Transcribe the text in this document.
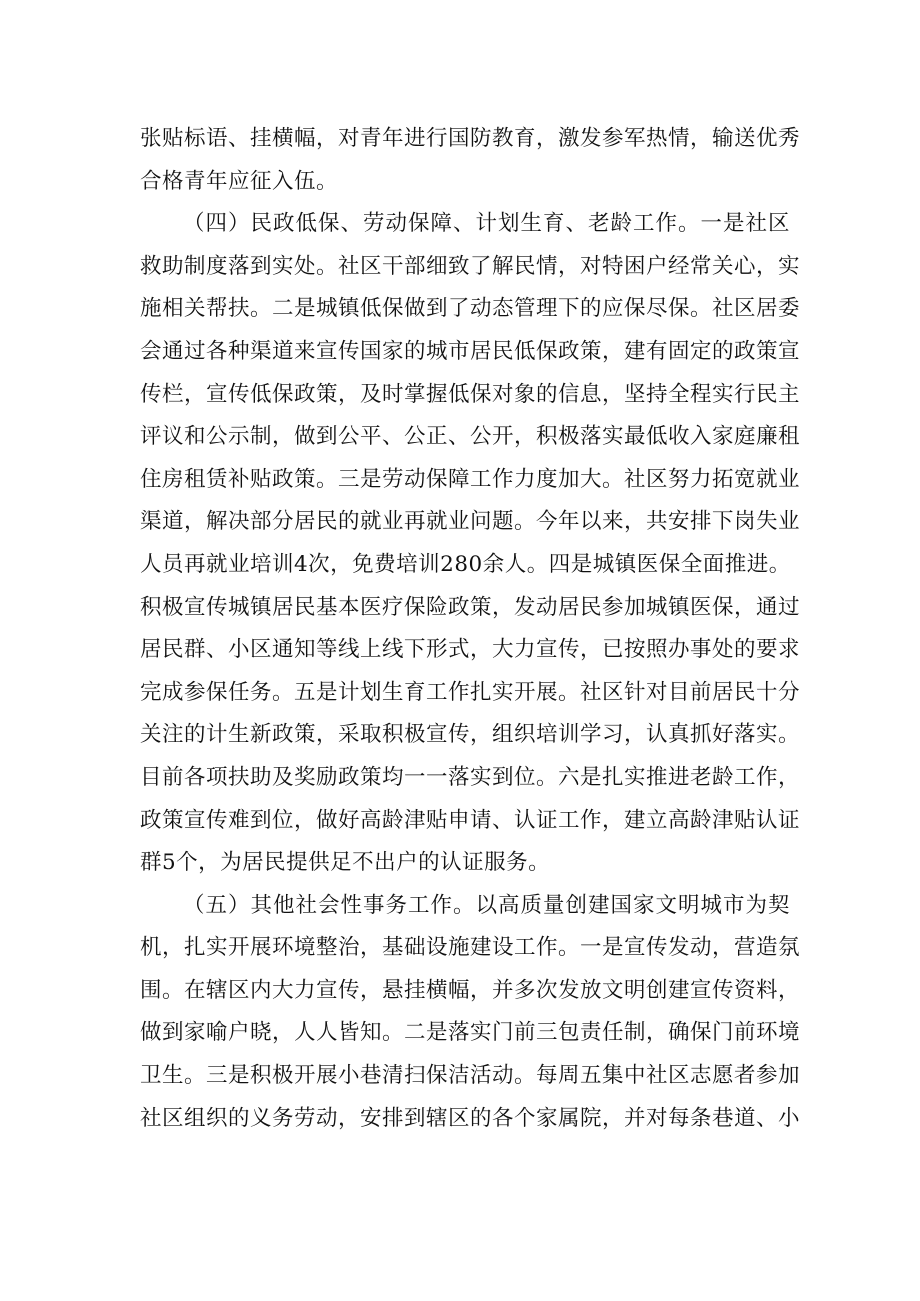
张贴标语、挂横幅，对青年进行国防教育，激发参军热情，输送优秀
合格青年应征入伍。
（四）民政低保、劳动保障、计划生育、老龄工作。一是社区
救助制度落到实处。社区干部细致了解民情，对特困户经常关心，实
施相关帮扶。二是城镇低保做到了动态管理下的应保尽保。社区居委
会通过各种渠道来宣传国家的城市居民低保政策，建有固定的政策宣
传栏，宣传低保政策，及时掌握低保对象的信息，坚持全程实行民主
评议和公示制，做到公平、公正、公开，积极落实最低收入家庭廉租
住房租赁补贴政策。三是劳动保障工作力度加大。社区努力拓宽就业
渠道，解决部分居民的就业再就业问题。今年以来，共安排下岗失业
人员再就业培训4次，免费培训280余人。四是城镇医保全面推进。
积极宣传城镇居民基本医疗保险政策，发动居民参加城镇医保，通过
居民群、小区通知等线上线下形式，大力宣传，已按照办事处的要求
完成参保任务。五是计划生育工作扎实开展。社区针对目前居民十分
关注的计生新政策，采取积极宣传，组织培训学习，认真抓好落实。
目前各项扶助及奖励政策均一一落实到位。六是扎实推进老龄工作，
政策宣传难到位，做好高龄津贴申请、认证工作，建立高龄津贴认证
群5个，为居民提供足不出户的认证服务。
（五）其他社会性事务工作。以高质量创建国家文明城市为契
机，扎实开展环境整治，基础设施建设工作。一是宣传发动，营造氛
围。在辖区内大力宣传，悬挂横幅，并多次发放文明创建宣传资料，
做到家喻户晓，人人皆知。二是落实门前三包责任制，确保门前环境
卫生。三是积极开展小巷清扫保洁活动。每周五集中社区志愿者参加
社区组织的义务劳动，安排到辖区的各个家属院，并对每条巷道、小
